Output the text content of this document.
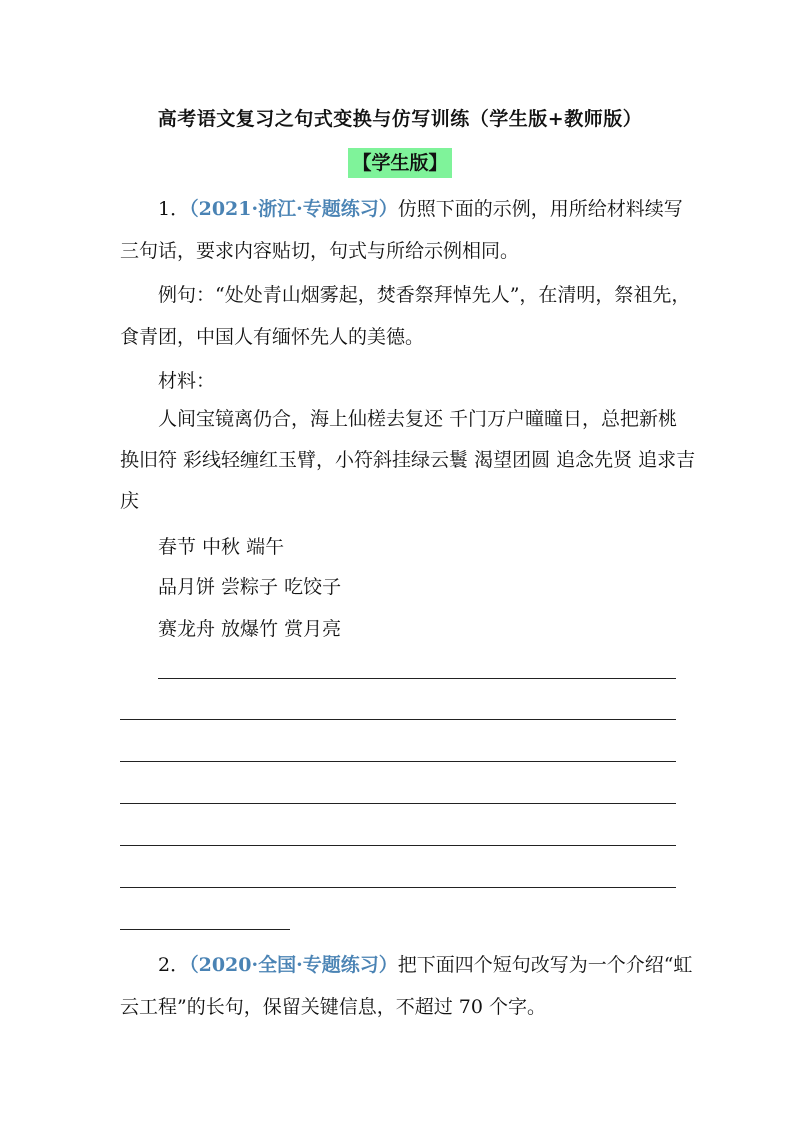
高考语文复习之句式变换与仿写训练（学生版+教师版）
【学生版】
1．（2021·浙江·专题练习）仿照下面的示例，用所给材料续写
三句话，要求内容贴切，句式与所给示例相同。
例句：“处处青山烟雾起，焚香祭拜悼先人”，在清明，祭祖先，
食青团，中国人有缅怀先人的美德。
材料：
人间宝镜离仍合，海上仙槎去复还 千门万户曈曈日，总把新桃
换旧符 彩线轻缠红玉臂，小符斜挂绿云鬟 渴望团圆 追念先贤 追求吉
庆
春节 中秋 端午
品月饼 尝粽子 吃饺子
赛龙舟 放爆竹 赏月亮
2．（2020·全国·专题练习）把下面四个短句改写为一个介绍“虹
云工程”的长句，保留关键信息，不超过 70 个字。
